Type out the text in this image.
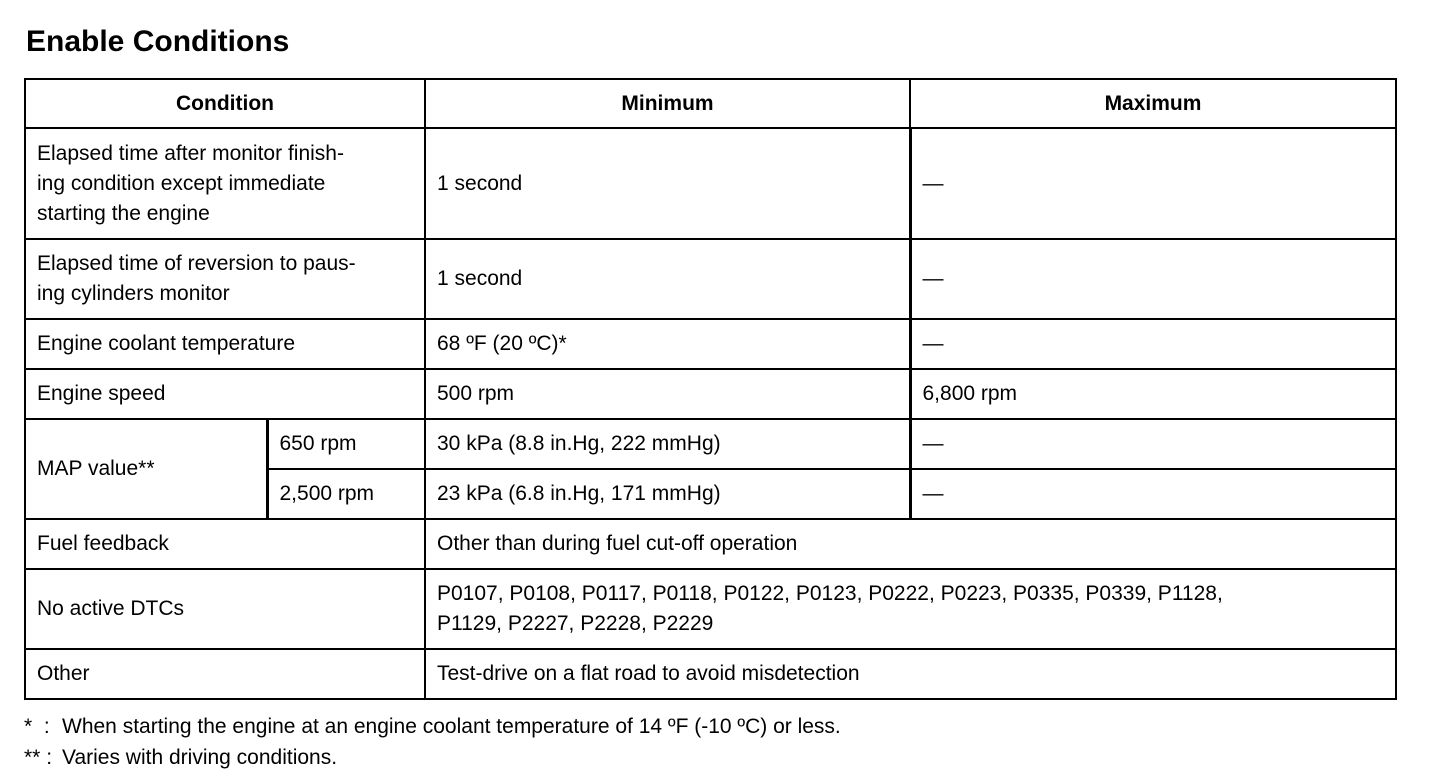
Enable Conditions
Condition		Minimum	Maximum

Elapsed time after monitor finish-
ing condition except immediate
starting the engine		1 second	—

Elapsed time of reversion to paus-
ing cylinders monitor		1 second	—
Engine coolant temperature		68 ºF (20 ºC)*	—
Engine speed		500 rpm	6,800 rpm
MAP value**	650 rpm	30 kPa (8.8 in.Hg, 222 mmHg)	—
	2,500 rpm	23 kPa (6.8 in.Hg, 171 mmHg)	—
Fuel feedback		Other than during fuel cut-off operation	
No active DTCs		P0107, P0108, P0117, P0118, P0122, P0123, P0222, P0223, P0335, P0339, P1128,
P1129, P2227, P2228, P2229	

Other		Test-drive on a flat road to avoid misdetection	
* : When starting the engine at an engine coolant temperature of 14 ºF (-10 ºC) or less.
** : Varies with driving conditions.
